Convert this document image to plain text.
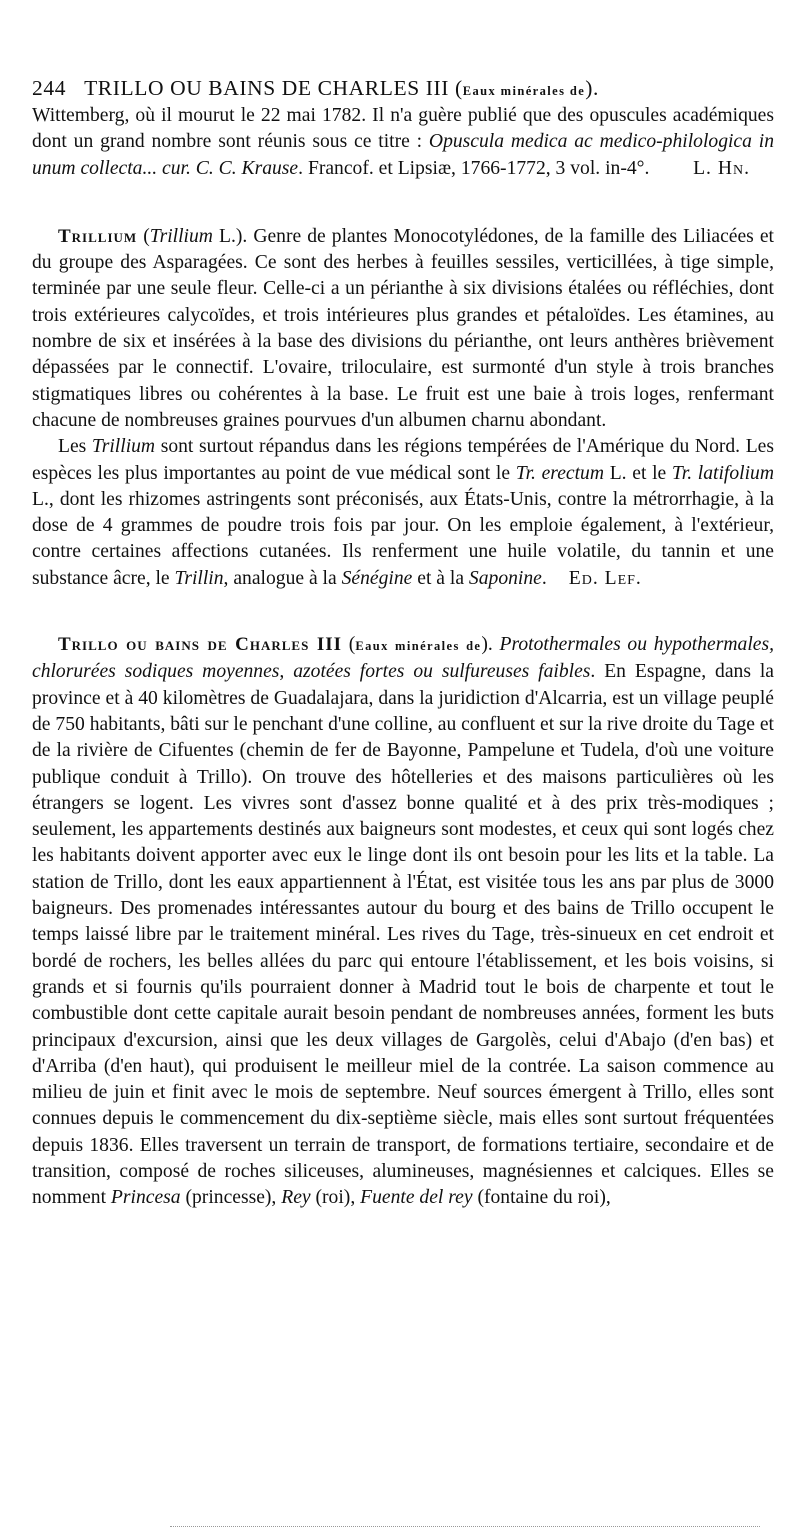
244 TRILLO OU BAINS DE CHARLES III (Eaux minérales de).

Wittemberg, où il mourut le 22 mai 1782. Il n'a guère publié que des opuscules académiques dont un grand nombre sont réunis sous ce titre : Opuscula medica ac medico-philologica in unum collecta... cur. C. C. Krause. Francof. et Lipsiæ, 1766-1772, 3 vol. in-4°. L. Hn.

Trillium (Trillium L.). Genre de plantes Monocotylédones, de la famille des Liliacées et du groupe des Asparagées. Ce sont des herbes à feuilles sessiles, verticillées, à tige simple, terminée par une seule fleur. Celle-ci a un périanthe à six divisions étalées ou réfléchies, dont trois extérieures calycoïdes, et trois intérieures plus grandes et pétaloïdes. Les étamines, au nombre de six et insérées à la base des divisions du périanthe, ont leurs anthères brièvement dépassées par le connectif. L'ovaire, triloculaire, est surmonté d'un style à trois branches stigmatiques libres ou cohérentes à la base. Le fruit est une baie à trois loges, renfermant chacune de nombreuses graines pourvues d'un albumen charnu abondant.

Les Trillium sont surtout répandus dans les régions tempérées de l'Amérique du Nord. Les espèces les plus importantes au point de vue médical sont le Tr. erectum L. et le Tr. latifolium L., dont les rhizomes astringents sont préconisés, aux États-Unis, contre la métrorrhagie, à la dose de 4 grammes de poudre trois fois par jour. On les emploie également, à l'extérieur, contre certaines affections cutanées. Ils renferment une huile volatile, du tannin et une substance âcre, le Trillin, analogue à la Sénégine et à la Saponine. Ed. Lef.

Trillo ou bains de Charles III (Eaux minérales de). Protothermales ou hypothermales, chlorurées sodiques moyennes, azotées fortes ou sulfureuses faibles. En Espagne, dans la province et à 40 kilomètres de Guadalajara, dans la juridiction d'Alcarria, est un village peuplé de 750 habitants, bâti sur le penchant d'une colline, au confluent et sur la rive droite du Tage et de la rivière de Cifuentes (chemin de fer de Bayonne, Pampelune et Tudela, d'où une voiture publique conduit à Trillo). On trouve des hôtelleries et des maisons particulières où les étrangers se logent. Les vivres sont d'assez bonne qualité et à des prix très-modiques ; seulement, les appartements destinés aux baigneurs sont modestes, et ceux qui sont logés chez les habitants doivent apporter avec eux le linge dont ils ont besoin pour les lits et la table. La station de Trillo, dont les eaux appartiennent à l'État, est visitée tous les ans par plus de 3000 baigneurs. Des promenades intéressantes autour du bourg et des bains de Trillo occupent le temps laissé libre par le traitement minéral. Les rives du Tage, très-sinueux en cet endroit et bordé de rochers, les belles allées du parc qui entoure l'établissement, et les bois voisins, si grands et si fournis qu'ils pourraient donner à Madrid tout le bois de charpente et tout le combustible dont cette capitale aurait besoin pendant de nombreuses années, forment les buts principaux d'excursion, ainsi que les deux villages de Gargolès, celui d'Abajo (d'en bas) et d'Arriba (d'en haut), qui produisent le meilleur miel de la contrée. La saison commence au milieu de juin et finit avec le mois de septembre. Neuf sources émergent à Trillo, elles sont connues depuis le commencement du dix-septième siècle, mais elles sont surtout fréquentées depuis 1836. Elles traversent un terrain de transport, de formations tertiaire, secondaire et de transition, composé de roches siliceuses, alumineuses, magnésiennes et calciques. Elles se nomment Princesa (princesse), Rey (roi), Fuente del rey (fontaine du roi),
